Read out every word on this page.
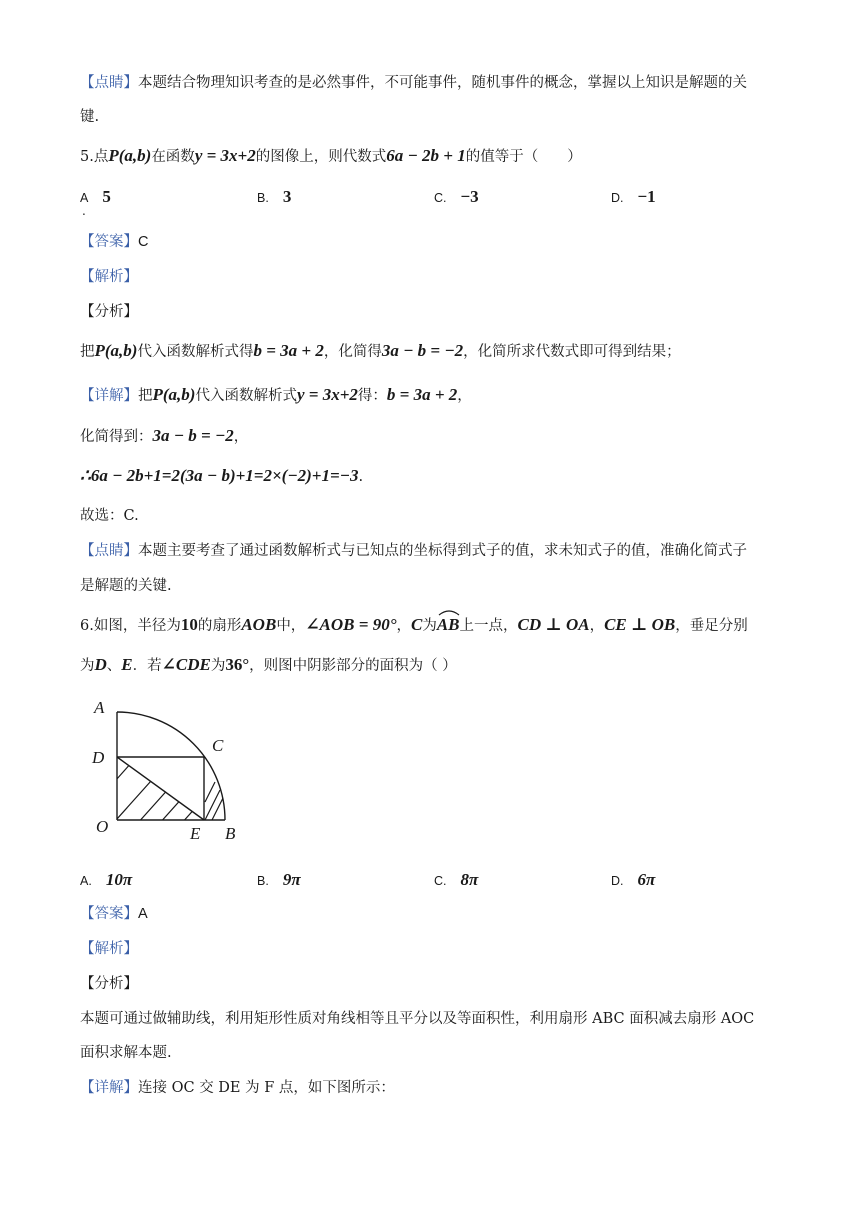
【点睛】本题结合物理知识考查的是必然事件，不可能事件，随机事件的概念，掌握以上知识是解题的关
键.
5.点P(a,b)在函数y = 3x+2的图像上，则代数式6a − 2b + 1的值等于（　　）
A 5
.
B. 3	C. −3	D. −1
【答案】C
【解析】
【分析】
把P(a,b)代入函数解析式得b = 3a + 2，化简得3a − b = −2，化简所求代数式即可得到结果；
【详解】把P(a,b)代入函数解析式y = 3x+2得：b = 3a + 2，
化简得到：3a − b = −2，
∴6a − 2b+1=2(3a − b)+1=2×(−2)+1=−3.
故选：C.
【点睛】本题主要考查了通过函数解析式与已知点的坐标得到式子的值，求未知式子的值，准确化简式子
是解题的关键.
6.如图，半径为10的扇形AOB中，∠AOB = 90°，C为
AB上一点，CD ⊥ OA，CE ⊥ OB，垂足分别
为D、E．若∠CDE为36°，则图中阴影部分的面积为（ ）
A
C
D
O	E B
A. 10π	B. 9π	C. 8π	D. 6π
【答案】A
【解析】
【分析】
本题可通过做辅助线，利用矩形性质对角线相等且平分以及等面积性，利用扇形 ABC 面积减去扇形 AOC
面积求解本题.
【详解】连接 OC 交 DE 为 F 点，如下图所示：
